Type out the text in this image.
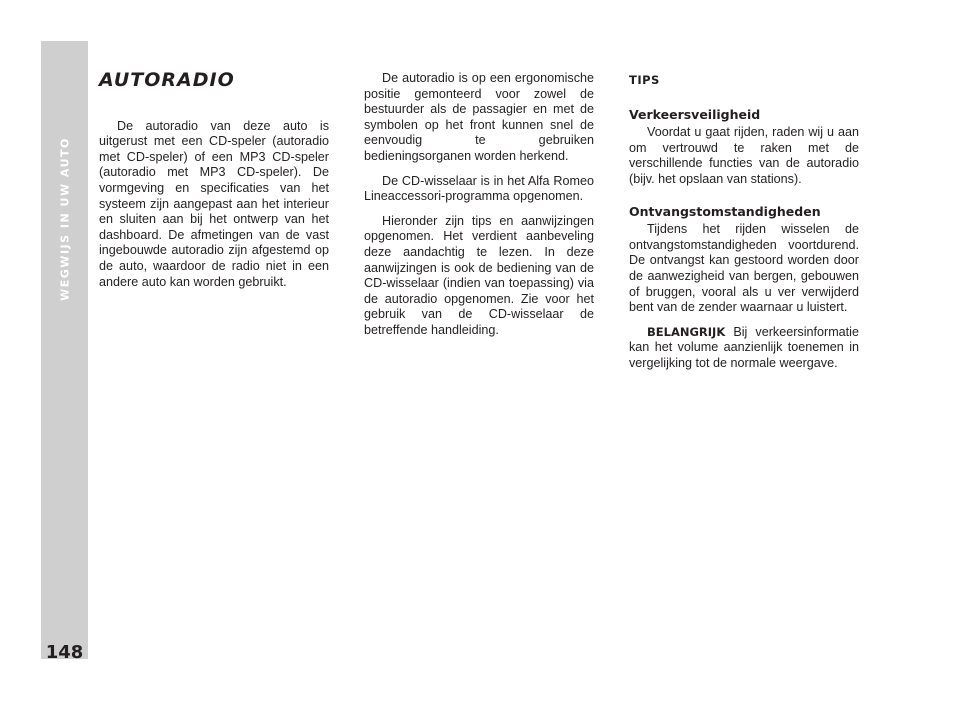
WEGWIJS IN UW AUTO
148
AUTORADIO

De autoradio van deze auto is uitgerust met een CD-speler (autoradio met CD-speler) of een MP3 CD-speler (autoradio met MP3 CD-speler). De vormgeving en specificaties van het systeem zijn aangepast aan het interieur en sluiten aan bij het ontwerp van het dashboard. De afmetingen van de vast ingebouwde autoradio zijn afgestemd op de auto, waardoor de radio niet in een andere auto kan worden gebruikt.

De autoradio is op een ergonomische positie gemonteerd voor zowel de bestuurder als de passagier en met de symbolen op het front kunnen snel de eenvoudig te gebruiken bedieningsorganen worden herkend.

De CD-wisselaar is in het Alfa Romeo Lineaccessori-programma opgenomen.

Hieronder zijn tips en aanwijzingen opgenomen. Het verdient aanbeveling deze aandachtig te lezen. In deze aanwijzingen is ook de bediening van de CD-wisselaar (indien van toepassing) via de autoradio opgenomen. Zie voor het gebruik van de CD-wisselaar de betreffende handleiding.

TIPS
Verkeersveiligheid

Voordat u gaat rijden, raden wij u aan om vertrouwd te raken met de verschillende functies van de autoradio (bijv. het opslaan van stations).

Ontvangstomstandigheden

Tijdens het rijden wisselen de ontvangstomstandigheden voortdurend. De ontvangst kan gestoord worden door de aanwezigheid van bergen, gebouwen of bruggen, vooral als u ver verwijderd bent van de zender waarnaar u luistert.

BELANGRIJK Bij verkeersinformatie kan het volume aanzienlijk toenemen in vergelijking tot de normale weergave.
